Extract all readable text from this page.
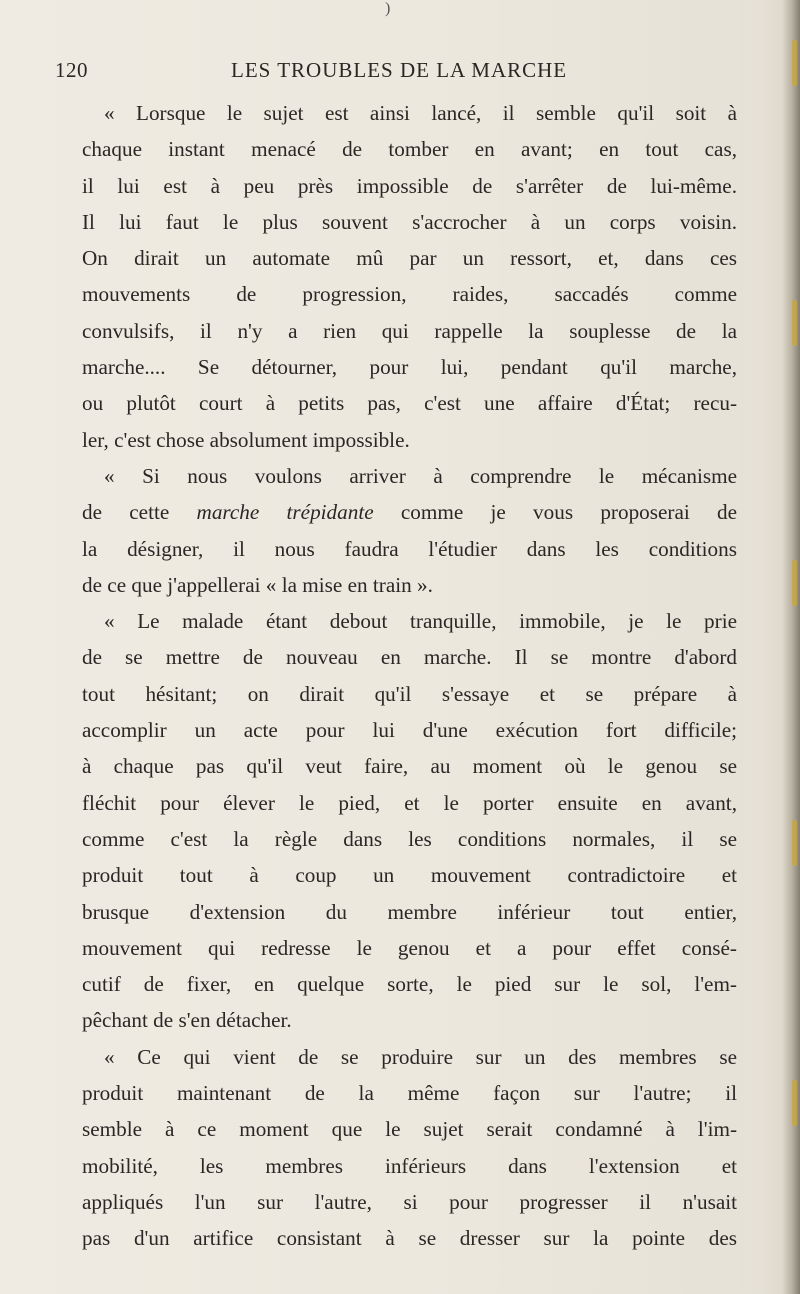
)
120	LES TROUBLES DE LA MARCHE
« Lorsque le sujet est ainsi lancé, il semble qu'il soit à
chaque instant menacé de tomber en avant; en tout cas,
il lui est à peu près impossible de s'arrêter de lui-même.
Il lui faut le plus souvent s'accrocher à un corps voisin.
On dirait un automate mû par un ressort, et, dans ces
mouvements de progression, raides, saccadés comme
convulsifs, il n'y a rien qui rappelle la souplesse de la
marche.... Se détourner, pour lui, pendant qu'il marche,
ou plutôt court à petits pas, c'est une affaire d'État; recu-
ler, c'est chose absolument impossible.
« Si nous voulons arriver à comprendre le mécanisme
de cette marche trépidante comme je vous proposerai de
la désigner, il nous faudra l'étudier dans les conditions
de ce que j'appellerai « la mise en train ».
« Le malade étant debout tranquille, immobile, je le prie
de se mettre de nouveau en marche. Il se montre d'abord
tout hésitant; on dirait qu'il s'essaye et se prépare à
accomplir un acte pour lui d'une exécution fort difficile;
à chaque pas qu'il veut faire, au moment où le genou se
fléchit pour élever le pied, et le porter ensuite en avant,
comme c'est la règle dans les conditions normales, il se
produit tout à coup un mouvement contradictoire et
brusque d'extension du membre inférieur tout entier,
mouvement qui redresse le genou et a pour effet consé-
cutif de fixer, en quelque sorte, le pied sur le sol, l'em-
pêchant de s'en détacher.
« Ce qui vient de se produire sur un des membres se
produit maintenant de la même façon sur l'autre; il
semble à ce moment que le sujet serait condamné à l'im-
mobilité, les membres inférieurs dans l'extension et
appliqués l'un sur l'autre, si pour progresser il n'usait
pas d'un artifice consistant à se dresser sur la pointe des
